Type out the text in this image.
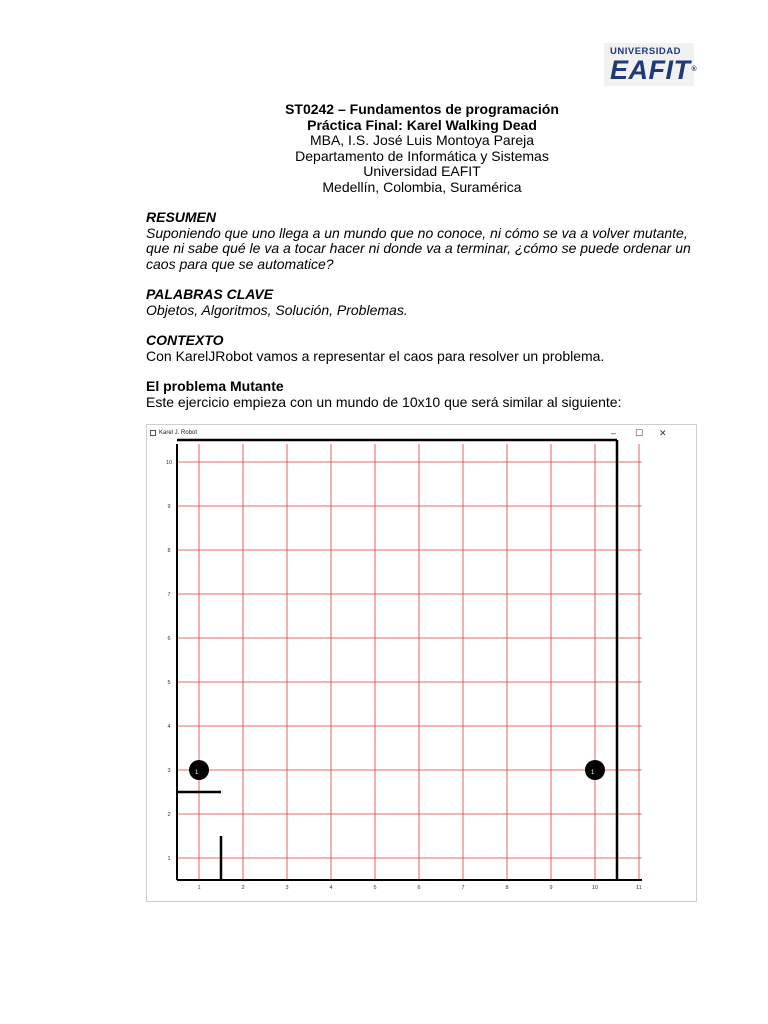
UNIVERSIDAD
EAFIT®
ST0242 – Fundamentos de programación
Práctica Final: Karel Walking Dead
MBA, I.S. José Luis Montoya Pareja
Departamento de Informática y Sistemas
Universidad EAFIT
Medellín, Colombia, Suramérica
RESUMEN
Suponiendo que uno llega a un mundo que no conoce, ni cómo se va a volver mutante,
que ni sabe qué le va a tocar hacer ni donde va a terminar, ¿cómo se puede ordenar un
caos para que se automatice?
PALABRAS CLAVE
Objetos, Algoritmos, Solución, Problemas.
CONTEXTO
Con KarelJRobot vamos a representar el caos para resolver un problema.
El problema Mutante
Este ejercicio empieza con un mundo de 10x10 que será similar al siguiente:
Karel J. Robot	– ☐ ✕
1	2	3	4	5	6	7	8	9	10	11
1
2
3
4
5
6
7
8
9
10
1	1
